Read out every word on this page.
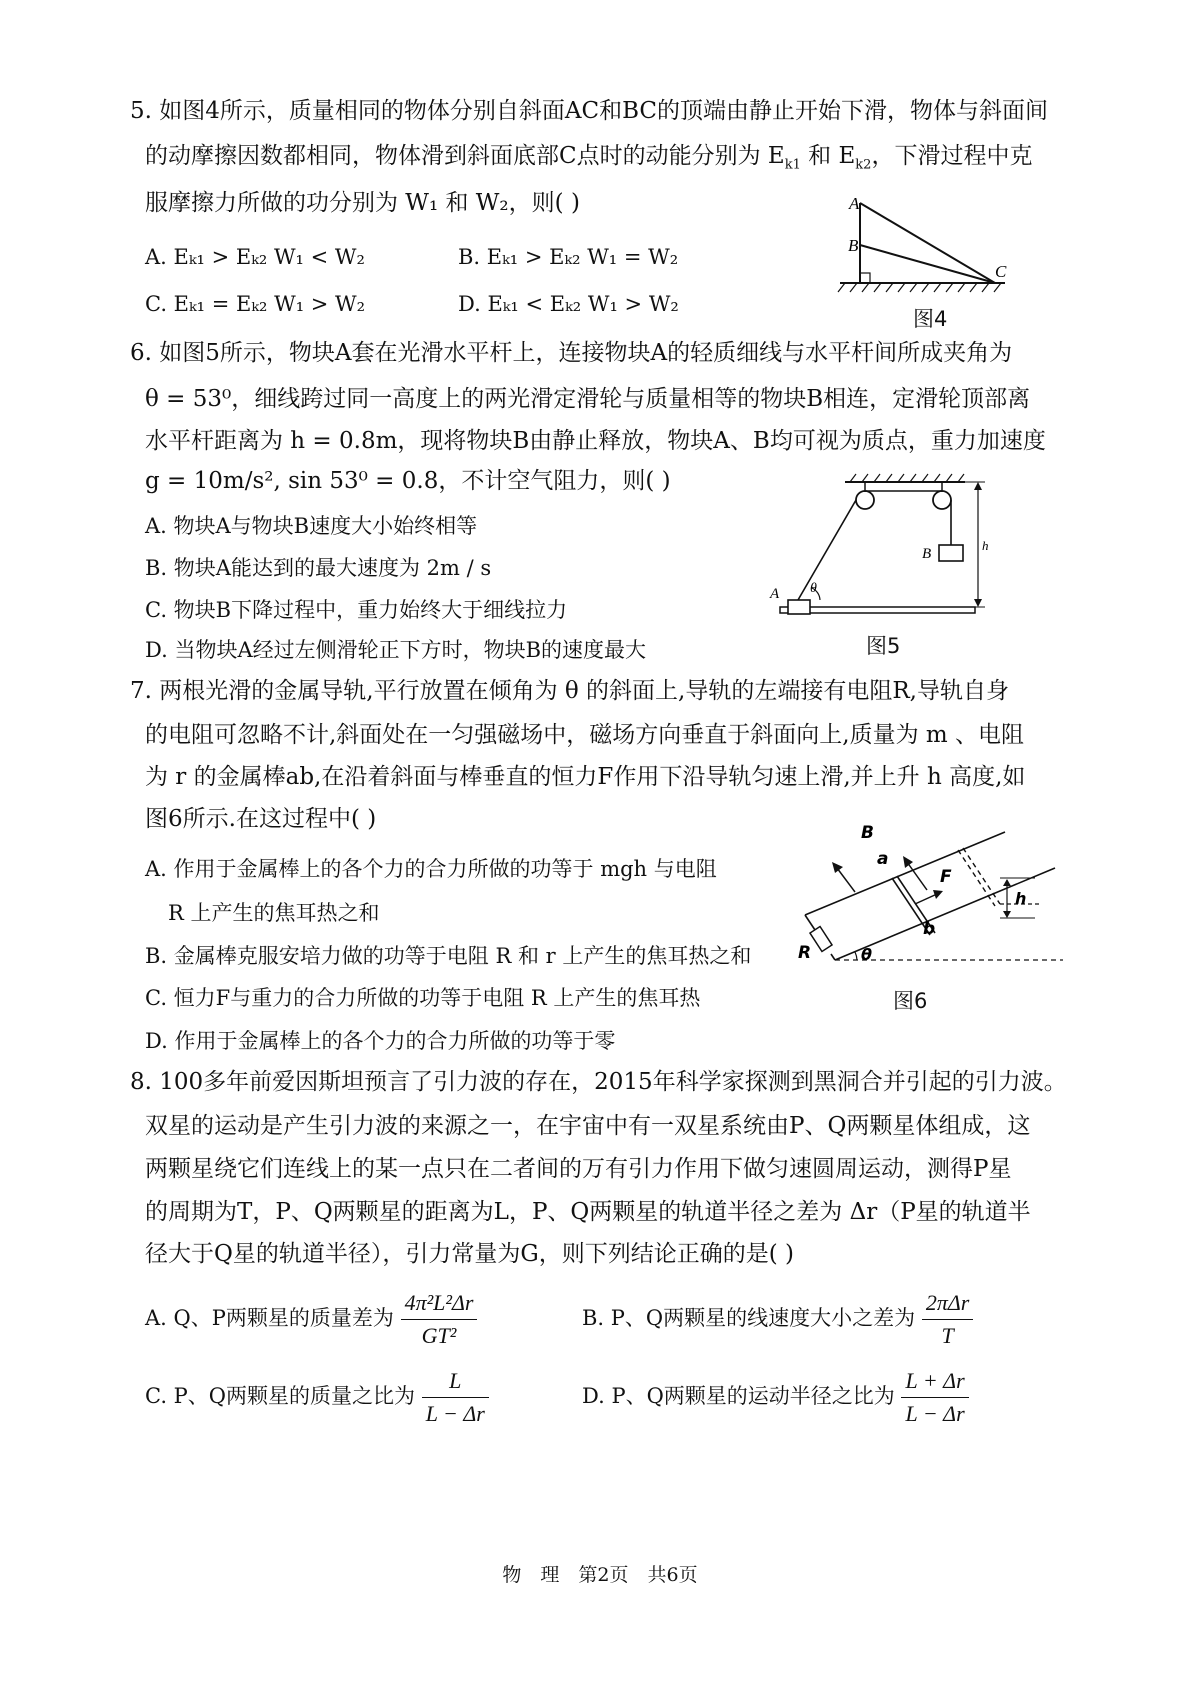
5. 如图4所示，质量相同的物体分别自斜面AC和BC的顶端由静止开始下滑，物体与斜面间
的动摩擦因数都相同，物体滑到斜面底部C点时的动能分别为 $E_{k1}$ 和 $E_{k2}$，下滑过程中克
服摩擦力所做的功分别为 W₁ 和 W₂，则( )
A. Eₖ₁ > Eₖ₂ W₁ < W₂	B. Eₖ₁ > Eₖ₂ W₁ = W₂
C. Eₖ₁ = Eₖ₂ W₁ > W₂	D. Eₖ₁ < Eₖ₂ W₁ > W₂
A
B
C
图4
6. 如图5所示，物块A套在光滑水平杆上，连接物块A的轻质细线与水平杆间所成夹角为
θ = 53⁰，细线跨过同一高度上的两光滑定滑轮与质量相等的物块B相连，定滑轮顶部离
水平杆距离为 h = 0.8m，现将物块B由静止释放，物块A、B均可视为质点，重力加速度
g = 10m/s², sin 53⁰ = 0.8，不计空气阻力，则( )
A. 物块A与物块B速度大小始终相等
B. 物块A能达到的最大速度为 2m / s
C. 物块B下降过程中，重力始终大于细线拉力
D. 当物块A经过左侧滑轮正下方时，物块B的速度最大
B
A θ
h
图5
7. 两根光滑的金属导轨,平行放置在倾角为 θ 的斜面上,导轨的左端接有电阻R,导轨自身
的电阻可忽略不计,斜面处在一匀强磁场中，磁场方向垂直于斜面向上,质量为 m 、电阻
为 r 的金属棒ab,在沿着斜面与棒垂直的恒力F作用下沿导轨匀速上滑,并上升 h 高度,如
图6所示.在这过程中( )
A. 作用于金属棒上的各个力的合力所做的功等于 mgh 与电阻
R 上产生的焦耳热之和
B. 金属棒克服安培力做的功等于电阻 R 和 r 上产生的焦耳热之和
C. 恒力F与重力的合力所做的功等于电阻 R 上产生的焦耳热
D. 作用于金属棒上的各个力的合力所做的功等于零
B
a
F
b
R	θ
h
图6
8. 100多年前爱因斯坦预言了引力波的存在，2015年科学家探测到黑洞合并引起的引力波。
双星的运动是产生引力波的来源之一，在宇宙中有一双星系统由P、Q两颗星体组成，这
两颗星绕它们连线上的某一点只在二者间的万有引力作用下做匀速圆周运动，测得P星
的周期为T，P、Q两颗星的距离为L，P、Q两颗星的轨道半径之差为 Δr（P星的轨道半
径大于Q星的轨道半径），引力常量为G，则下列结论正确的是( )
A. Q、P两颗星的质量差为 $\frac{\text{4π²L²Δr}}{\text{GT²}}$	B. P、Q两颗星的线速度大小之差为 $\frac{\text{2πΔr}}{T}$
C. P、Q两颗星的质量之比为 $\frac{L}{L - \Delta r}$	D. P、Q两颗星的运动半径之比为 $\frac{L + \Delta r}{L - \Delta r}$
物　理　第2页　共6页
